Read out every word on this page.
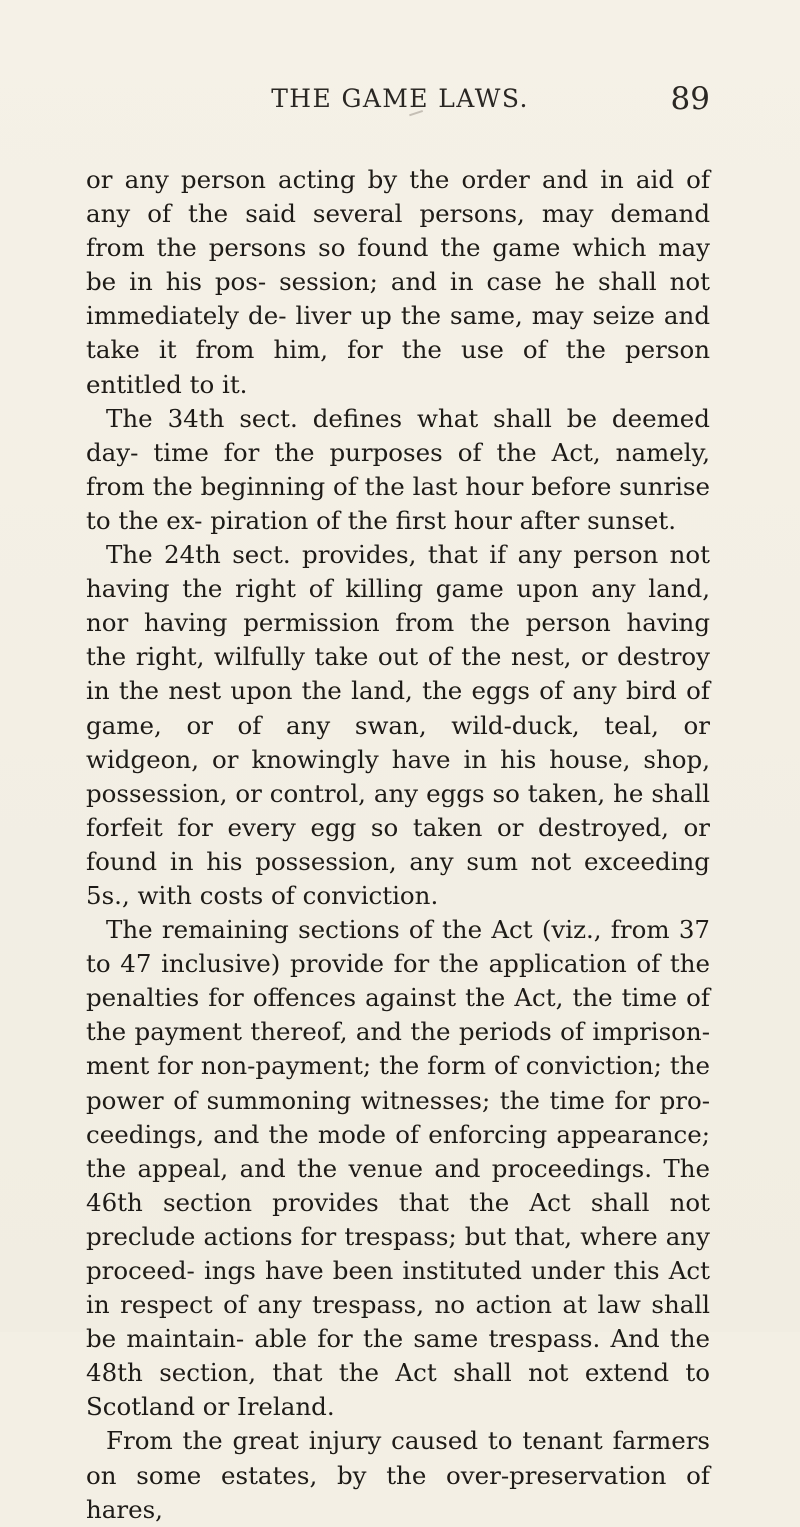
THE GAME LAWS.	89

or any person acting by the order and in aid of any of the said several persons, may demand from the persons so found the game which may be in his pos- session; and in case he shall not immediately de- liver up the same, may seize and take it from him, for the use of the person entitled to it.

The 34th sect. defines what shall be deemed day- time for the purposes of the Act, namely, from the beginning of the last hour before sunrise to the ex- piration of the first hour after sunset.

The 24th sect. provides, that if any person not having the right of killing game upon any land, nor having permission from the person having the right, wilfully take out of the nest, or destroy in the nest upon the land, the eggs of any bird of game, or of any swan, wild-duck, teal, or widgeon, or knowingly have in his house, shop, possession, or control, any eggs so taken, he shall forfeit for every egg so taken or destroyed, or found in his possession, any sum not exceeding 5s., with costs of conviction.

The remaining sections of the Act (viz., from 37 to 47 inclusive) provide for the application of the penalties for offences against the Act, the time of the payment thereof, and the periods of imprison- ment for non-payment; the form of conviction; the power of summoning witnesses; the time for pro- ceedings, and the mode of enforcing appearance; the appeal, and the venue and proceedings. The 46th section provides that the Act shall not preclude actions for trespass; but that, where any proceed- ings have been instituted under this Act in respect of any trespass, no action at law shall be maintain- able for the same trespass. And the 48th section, that the Act shall not extend to Scotland or Ireland.

From the great injury caused to tenant farmers on some estates, by the over-preservation of hares,
